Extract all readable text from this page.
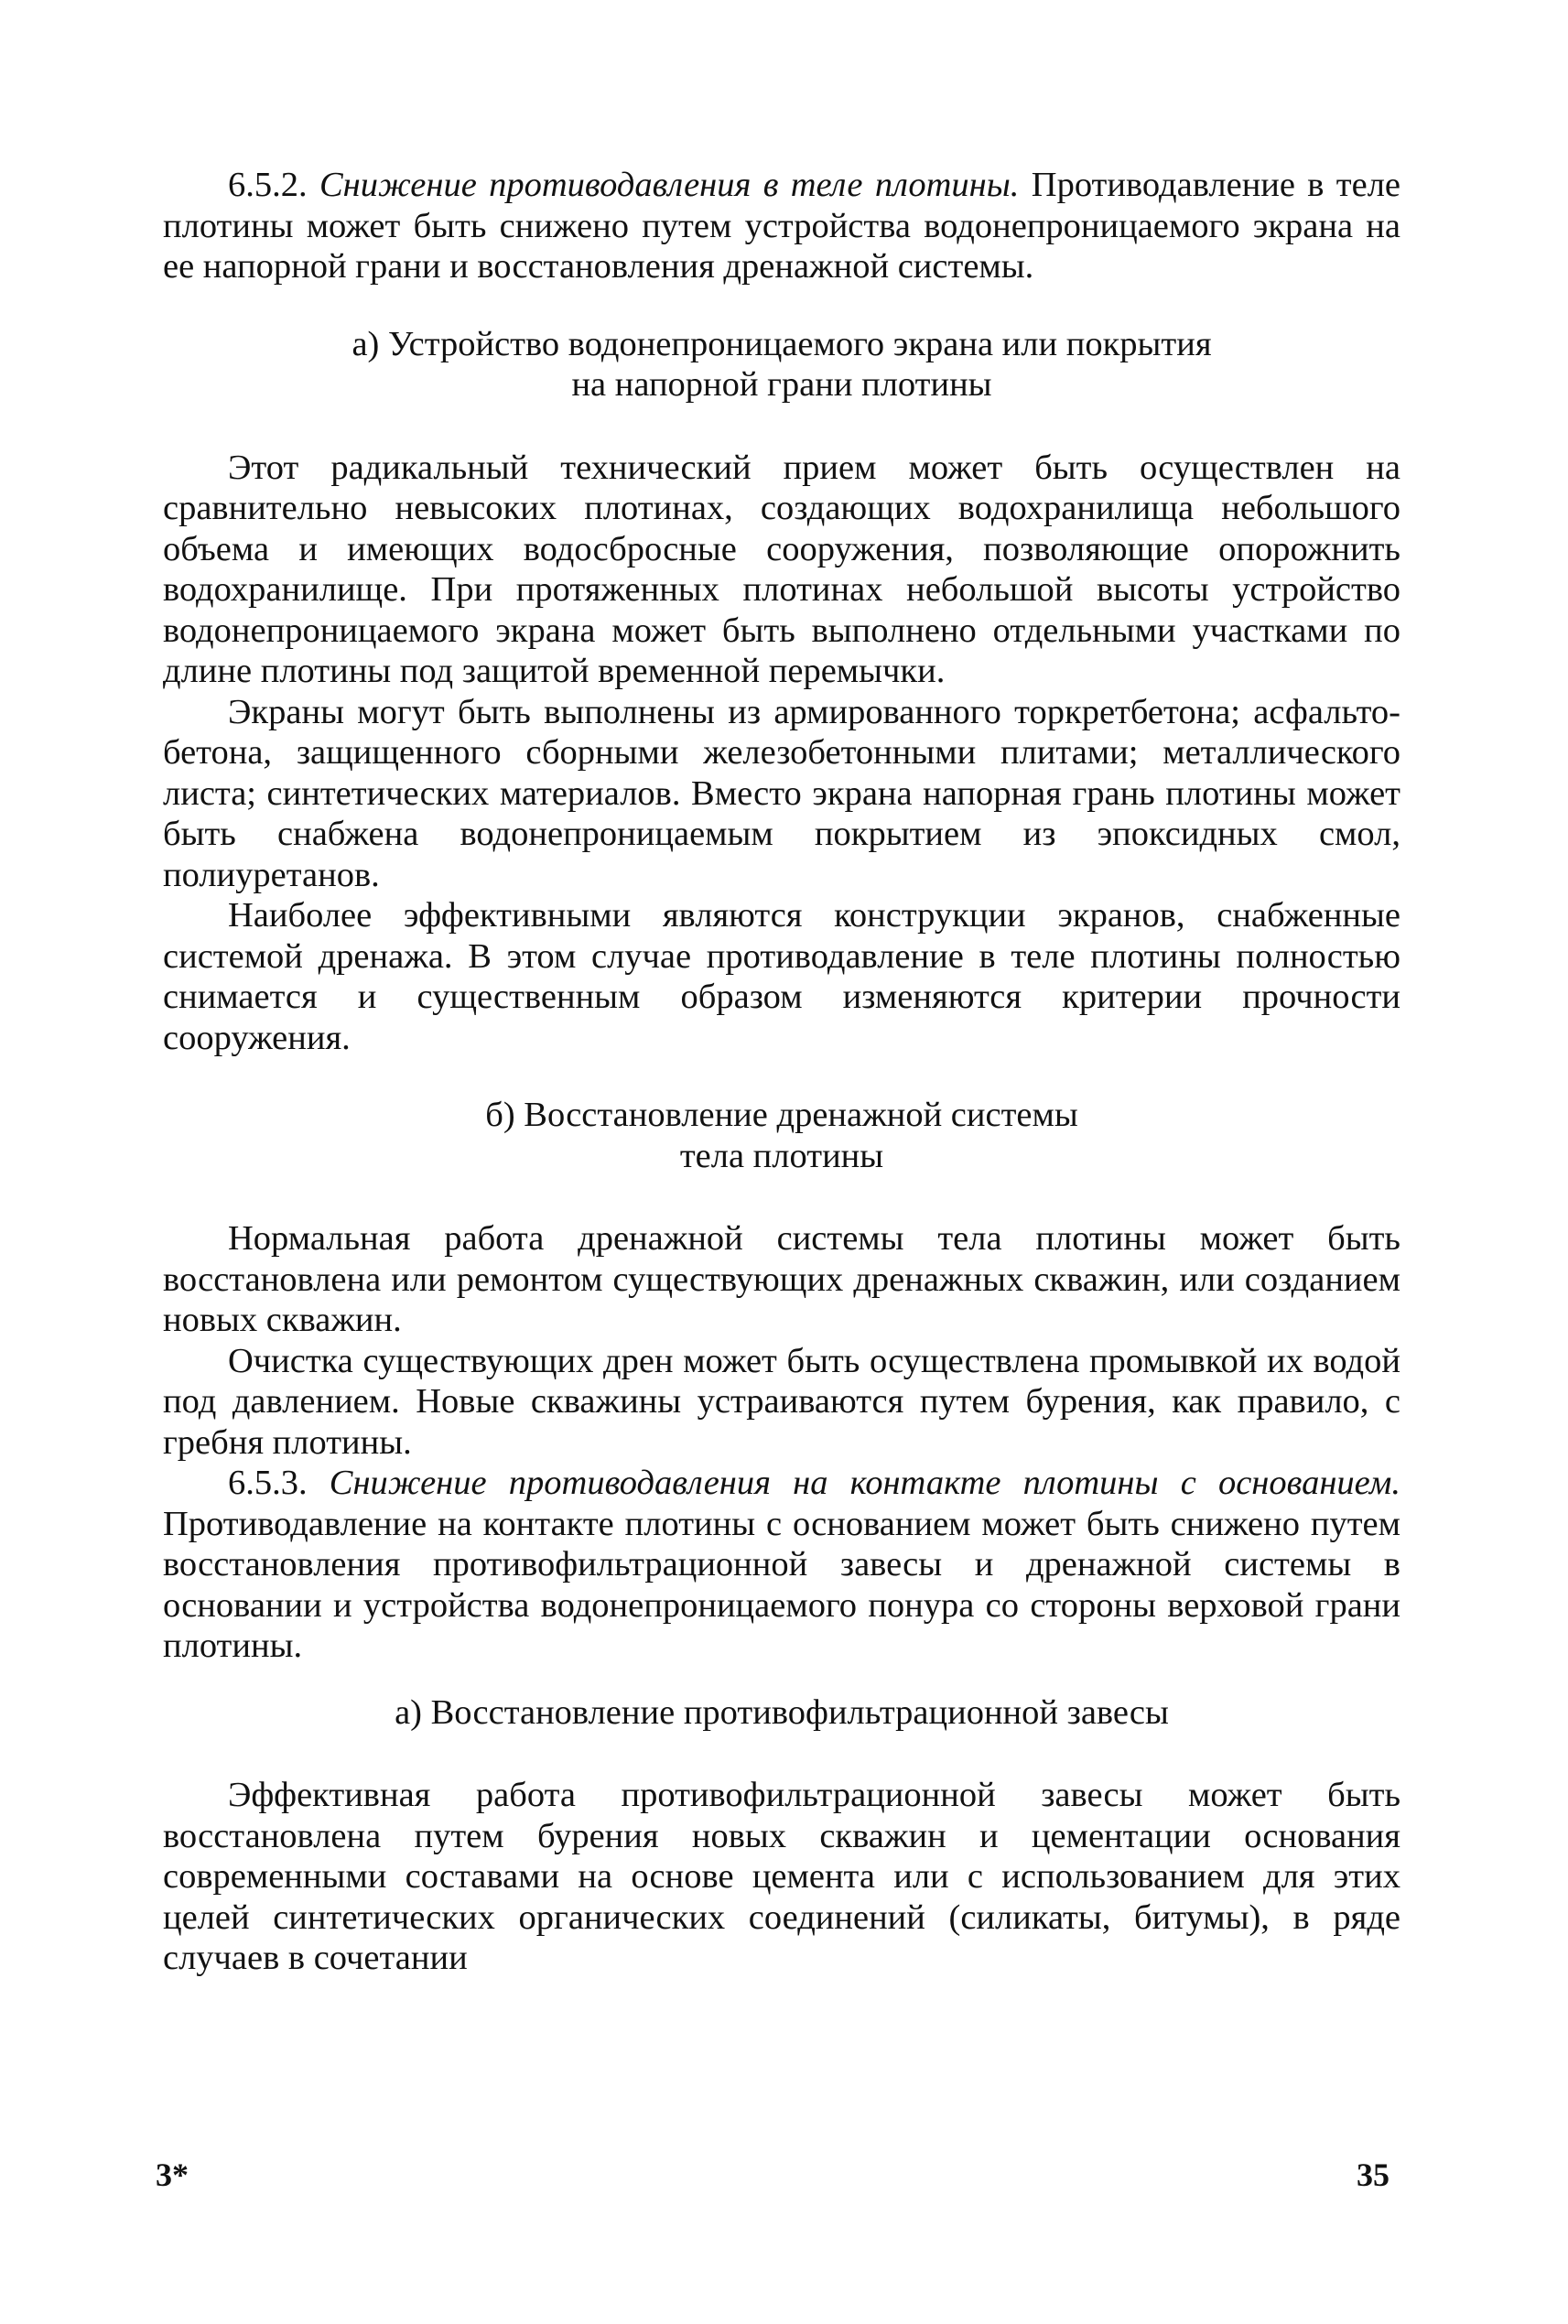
6.5.2. Снижение противодавления в теле плотины. Противодавление в теле плотины может быть снижено путем устройства водонепроницаемого экрана на ее напорной грани и восстановления дренажной системы.

а) Устройство водонепроницаемого экрана или покрытия
на напорной грани плотины

Этот радикальный технический прием может быть осуществлен на сравнительно невысоких плотинах, создающих водохранилища небольшого объема и имеющих водосбросные сооружения, позволяющие опорожнить водохранилище. При протяженных плотинах небольшой высоты устройство водонепроницаемого экрана может быть выполнено отдельными участками по длине плотины под защитой временной перемычки.

Экраны могут быть выполнены из армированного торкретбетона; асфальто-бетона, защищенного сборными железобетонными плитами; металлического листа; синтетических материалов. Вместо экрана напорная грань плотины может быть снабжена водонепроницаемым покрытием из эпоксидных смол, полиуретанов.

Наиболее эффективными являются конструкции экранов, снабженные системой дренажа. В этом случае противодавление в теле плотины полностью снимается и существенным образом изменяются критерии прочности сооружения.

б) Восстановление дренажной системы
тела плотины

Нормальная работа дренажной системы тела плотины может быть восстановлена или ремонтом существующих дренажных скважин, или созданием новых скважин.

Очистка существующих дрен может быть осуществлена промывкой их водой под давлением. Новые скважины устраиваются путем бурения, как правило, с гребня плотины.

6.5.3. Снижение противодавления на контакте плотины с основанием. Противодавление на контакте плотины с основанием может быть снижено путем восстановления противофильтрационной завесы и дренажной системы в основании и устройства водонепроницаемого понура со стороны верховой грани плотины.

а) Восстановление противофильтрационной завесы

Эффективная работа противофильтрационной завесы может быть восстановлена путем бурения новых скважин и цементации основания современными составами на основе цемента или с использованием для этих целей синтетических органических соединений (силикаты, битумы), в ряде случаев в сочетании

3*	35
